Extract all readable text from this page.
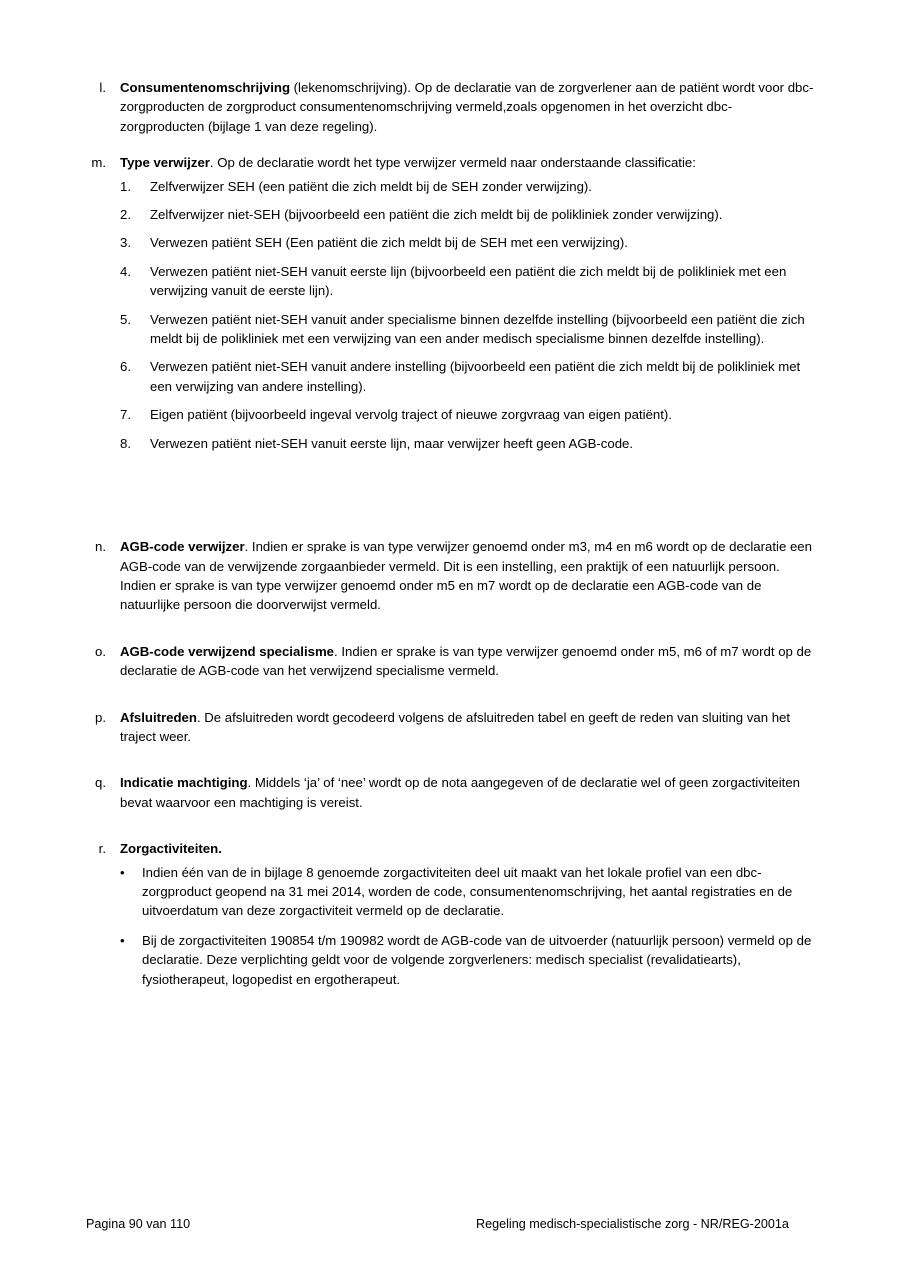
l.	Consumentenomschrijving (lekenomschrijving). Op de declaratie van de zorgverlener aan de patiënt wordt voor dbc-zorgproducten de zorgproduct consumentenomschrijving vermeld,zoals opgenomen in het overzicht dbc-zorgproducten (bijlage 1 van deze regeling).

m.	Type verwijzer. Op de declaratie wordt het type verwijzer vermeld naar onderstaande classificatie:

1.	Zelfverwijzer SEH (een patiënt die zich meldt bij de SEH zonder verwijzing).
2.	Zelfverwijzer niet-SEH (bijvoorbeeld een patiënt die zich meldt bij de polikliniek zonder verwijzing).
3.	Verwezen patiënt SEH (Een patiënt die zich meldt bij de SEH met een verwijzing).
4.	Verwezen patiënt niet-SEH vanuit eerste lijn (bijvoorbeeld een patiënt die zich meldt bij de polikliniek met een verwijzing vanuit de eerste lijn).
5.	Verwezen patiënt niet-SEH vanuit ander specialisme binnen dezelfde instelling (bijvoorbeeld een patiënt die zich meldt bij de polikliniek met een verwijzing van een ander medisch specialisme binnen dezelfde instelling).
6.	Verwezen patiënt niet-SEH vanuit andere instelling (bijvoorbeeld een patiënt die zich meldt bij de polikliniek met een verwijzing van andere instelling).
7.	Eigen patiënt (bijvoorbeeld ingeval vervolg traject of nieuwe zorgvraag van eigen patiënt).
8.	Verwezen patiënt niet-SEH vanuit eerste lijn, maar verwijzer heeft geen AGB-code.
n.	AGB-code verwijzer. Indien er sprake is van type verwijzer genoemd onder m3, m4 en m6 wordt op de declaratie een AGB-code van de verwijzende zorgaanbieder vermeld. Dit is een instelling, een praktijk of een natuurlijk persoon. Indien er sprake is van type verwijzer genoemd onder m5 en m7 wordt op de declaratie een AGB-code van de natuurlijke persoon die doorverwijst vermeld.

o.	AGB-code verwijzend specialisme. Indien er sprake is van type verwijzer genoemd onder m5, m6 of m7 wordt op de declaratie de AGB-code van het verwijzend specialisme vermeld.

p.	Afsluitreden. De afsluitreden wordt gecodeerd volgens de afsluitreden tabel en geeft de reden van sluiting van het traject weer.

q.	Indicatie machtiging. Middels ‘ja’ of ‘nee’ wordt op de nota aangegeven of de declaratie wel of geen zorgactiviteiten bevat waarvoor een machtiging is vereist.

r.	Zorgactiviteiten.

•	Indien één van de in bijlage 8 genoemde zorgactiviteiten deel uit maakt van het lokale profiel van een dbc-zorgproduct geopend na 31 mei 2014, worden de code, consumentenomschrijving, het aantal registraties en de uitvoerdatum van deze zorgactiviteit vermeld op de declaratie.
•	Bij de zorgactiviteiten 190854 t/m 190982 wordt de AGB-code van de uitvoerder (natuurlijk persoon) vermeld op de declaratie. Deze verplichting geldt voor de volgende zorgverleners: medisch specialist (revalidatiearts), fysiotherapeut, logopedist en ergotherapeut.
Pagina 90 van 110	Regeling medisch-specialistische zorg - NR/REG-2001a
